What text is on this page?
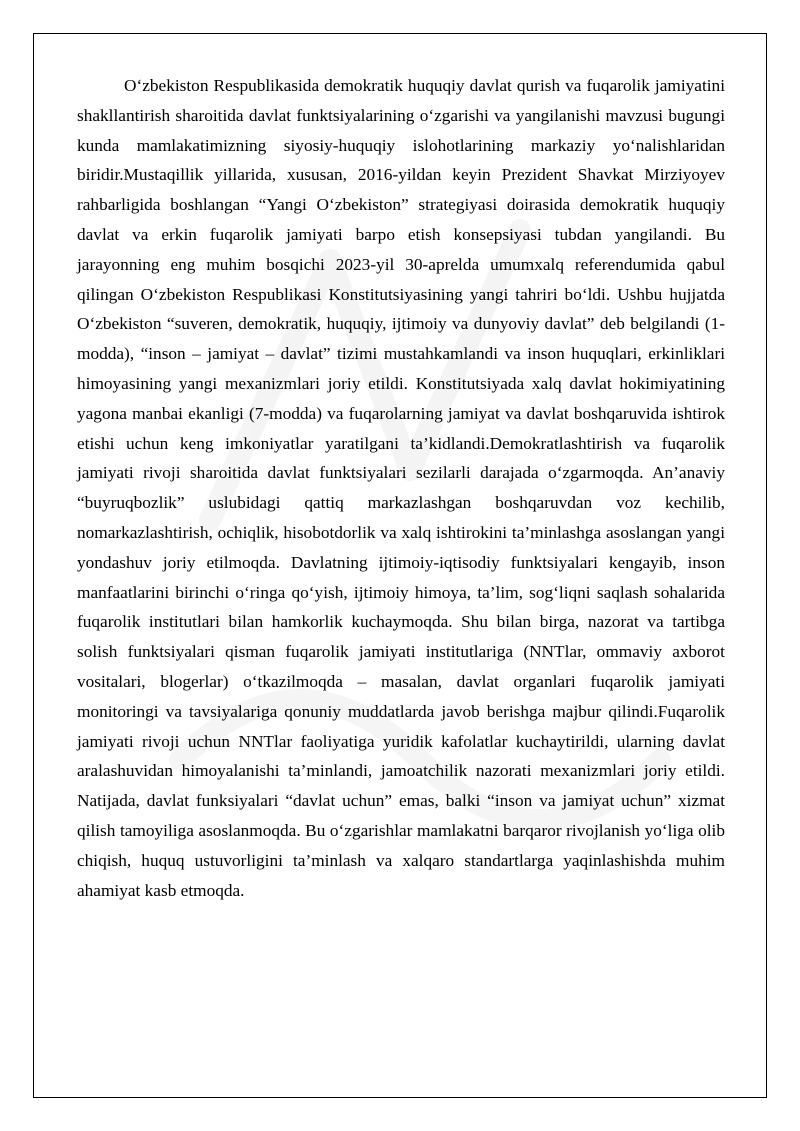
O‘zbekiston Respublikasida demokratik huquqiy davlat qurish va fuqarolik jamiyatini shakllantirish sharoitida davlat funktsiyalarining o‘zgarishi va yangilanishi mavzusi bugungi kunda mamlakatimizning siyosiy-huquqiy islohotlarining markaziy yo‘nalishlaridan biridir.Mustaqillik yillarida, xususan, 2016-yildan keyin Prezident Shavkat Mirziyoyev rahbarligida boshlangan “Yangi O‘zbekiston” strategiyasi doirasida demokratik huquqiy davlat va erkin fuqarolik jamiyati barpo etish konsepsiyasi tubdan yangilandi. Bu jarayonning eng muhim bosqichi 2023-yil 30-aprelda umumxalq referendumida qabul qilingan O‘zbekiston Respublikasi Konstitutsiyasining yangi tahriri bo‘ldi. Ushbu hujjatda O‘zbekiston “suveren, demokratik, huquqiy, ijtimoiy va dunyoviy davlat” deb belgilandi (1-modda), “inson – jamiyat – davlat” tizimi mustahkamlandi va inson huquqlari, erkinliklari himoyasining yangi mexanizmlari joriy etildi. Konstitutsiyada xalq davlat hokimiyatining yagona manbai ekanligi (7-modda) va fuqarolarning jamiyat va davlat boshqaruvida ishtirok etishi uchun keng imkoniyatlar yaratilgani ta’kidlandi.Demokratlashtirish va fuqarolik jamiyati rivoji sharoitida davlat funktsiyalari sezilarli darajada o‘zgarmoqda. An’anaviy “buyruqbozlik” uslubidagi qattiq markazlashgan boshqaruvdan voz kechilib, nomarkazlashtirish, ochiqlik, hisobotdorlik va xalq ishtirokini ta’minlashga asoslangan yangi yondashuv joriy etilmoqda. Davlatning ijtimoiy-iqtisodiy funktsiyalari kengayib, inson manfaatlarini birinchi o‘ringa qo‘yish, ijtimoiy himoya, ta’lim, sog‘liqni saqlash sohalarida fuqarolik institutlari bilan hamkorlik kuchaymoqda. Shu bilan birga, nazorat va tartibga solish funktsiyalari qisman fuqarolik jamiyati institutlariga (NNTlar, ommaviy axborot vositalari, blogerlar) o‘tkazilmoqda – masalan, davlat organlari fuqarolik jamiyati monitoringi va tavsiyalariga qonuniy muddatlarda javob berishga majbur qilindi.Fuqarolik jamiyati rivoji uchun NNTlar faoliyatiga yuridik kafolatlar kuchaytirildi, ularning davlat aralashuvidan himoyalanishi ta’minlandi, jamoatchilik nazorati mexanizmlari joriy etildi. Natijada, davlat funksiyalari “davlat uchun” emas, balki “inson va jamiyat uchun” xizmat qilish tamoyiliga asoslanmoqda. Bu o‘zgarishlar mamlakatni barqaror rivojlanish yo‘liga olib chiqish, huquq ustuvorligini ta’minlash va xalqaro standartlarga yaqinlashishda muhim ahamiyat kasb etmoqda.
